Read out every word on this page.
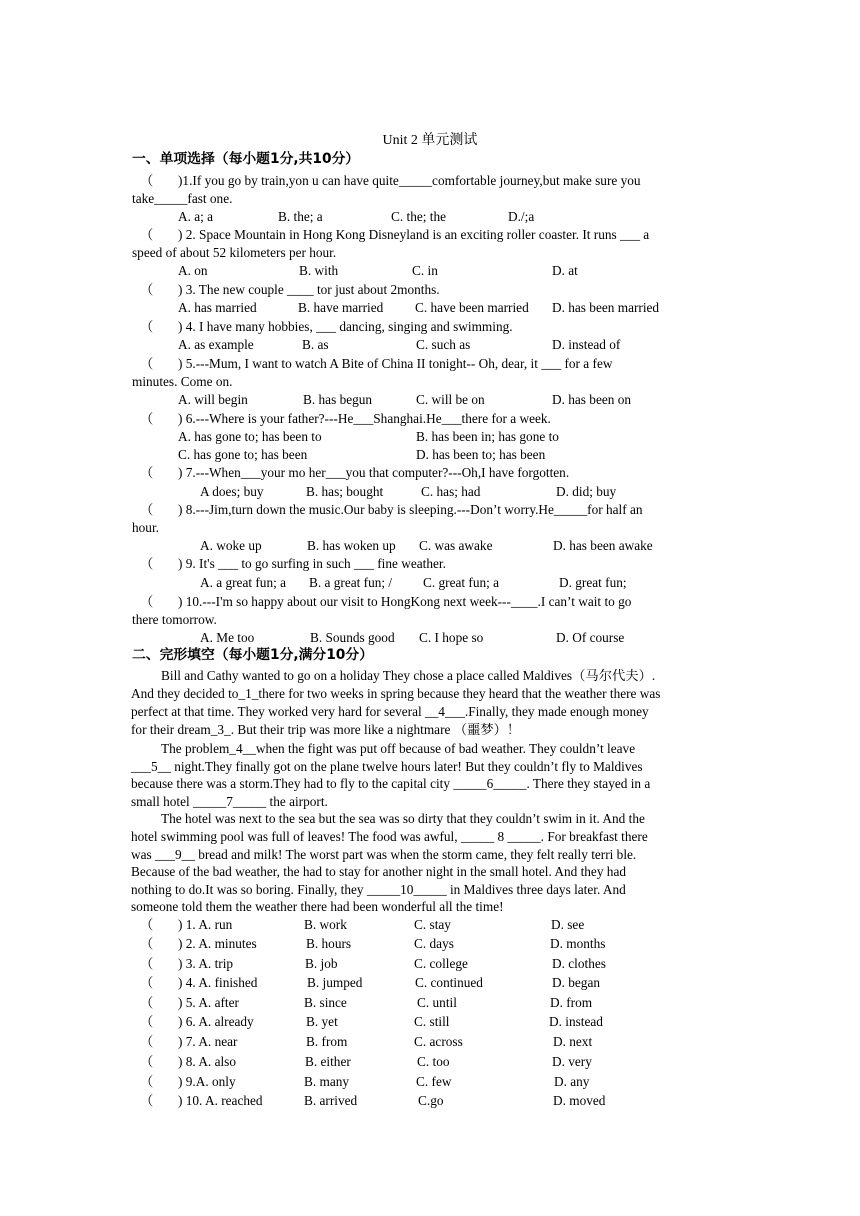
Unit 2 单元测试
一、单项选择（每小题1分,共10分）
（ )1.If you go by train,yon u can have quite_____comfortable journey,but make sure you
take_____fast one.
A. a; a	B. the; a	C. the; the	D./;a
（ ) 2. Space Mountain in Hong Kong Disneyland is an exciting roller coaster. It runs ___ a
speed of about 52 kilometers per hour.
A. on	B. with	C. in	D. at
（ ) 3. The new couple ____ tor just about 2months.
A. has married	B. have married C. have been married D. has been married
（ ) 4. I have many hobbies, ___ dancing, singing and swimming.
A. as example	B. as	C. such as	D. instead of
（ ) 5.---Mum, I want to watch A Bite of China II tonight-- Oh, dear, it ___ for a few
minutes. Come on.
A. will begin	B. has begun	C. will be on	D. has been on
（ ) 6.---Where is your father?---He___Shanghai.He___there for a week.
A. has gone to; has been to	B. has been in; has gone to
C. has gone to; has been	D. has been to; has been
（ ) 7.---When___your mo her___you that computer?---Oh,I have forgotten.
A does; buy	B. has; bought	C. has; had	D. did; buy
（ ) 8.---Jim,turn down the music.Our baby is sleeping.---Don’t worry.He_____for half an
hour.
A. woke up	B. has woken up C. was awake	D. has been awake
（ ) 9. It's ___ to go surfing in such ___ fine weather.
A. a great fun; a B. a great fun; / C. great fun; a	D. great fun;
（ ) 10.---I'm so happy about our visit to HongKong next week---____.I can’t wait to go
there tomorrow.
A. Me too	B. Sounds good C. I hope so	D. Of course
二、完形填空（每小题1分,满分10分）
Bill and Cathy wanted to go on a holiday They chose a place called Maldives（马尔代夫）.
And they decided to_1_there for two weeks in spring because they heard that the weather there was
perfect at that time. They worked very hard for several __4___.Finally, they made enough money
for their dream_3_. But their trip was more like a nightmare （噩梦）！
The problem_4__when the fight was put off because of bad weather. They couldn’t leave
___5__ night.They finally got on the plane twelve hours later! But they couldn’t fly to Maldives
because there was a storm.They had to fly to the capital city _____6_____. There they stayed in a
small hotel _____7_____ the airport.
The hotel was next to the sea but the sea was so dirty that they couldn’t swim in it. And the
hotel swimming pool was full of leaves! The food was awful, _____ 8 _____. For breakfast there
was ___9__ bread and milk! The worst part was when the storm came, they felt really terri ble.
Because of the bad weather, the had to stay for another night in the small hotel. And they had
nothing to do.It was so boring. Finally, they _____10_____ in Maldives three days later. And
someone told them the weather there had been wonderful all the time!
（ ) 1. A. run	B. work	C. stay	D. see
（ ) 2. A. minutes	B. hours	C. days	D. months
（ ) 3. A. trip	B. job	C. college	D. clothes
（ ) 4. A. finished	B. jumped	C. continued	D. began
（ ) 5. A. after	B. since	C. until	D. from
（ ) 6. A. already	B. yet	C. still	D. instead
（ ) 7. A. near	B. from	C. across	D. next
（ ) 8. A. also	B. either	C. too	D. very
（ ) 9.A. only	B. many	C. few	D. any
（ ) 10. A. reached	B. arrived	C.go	D. moved
